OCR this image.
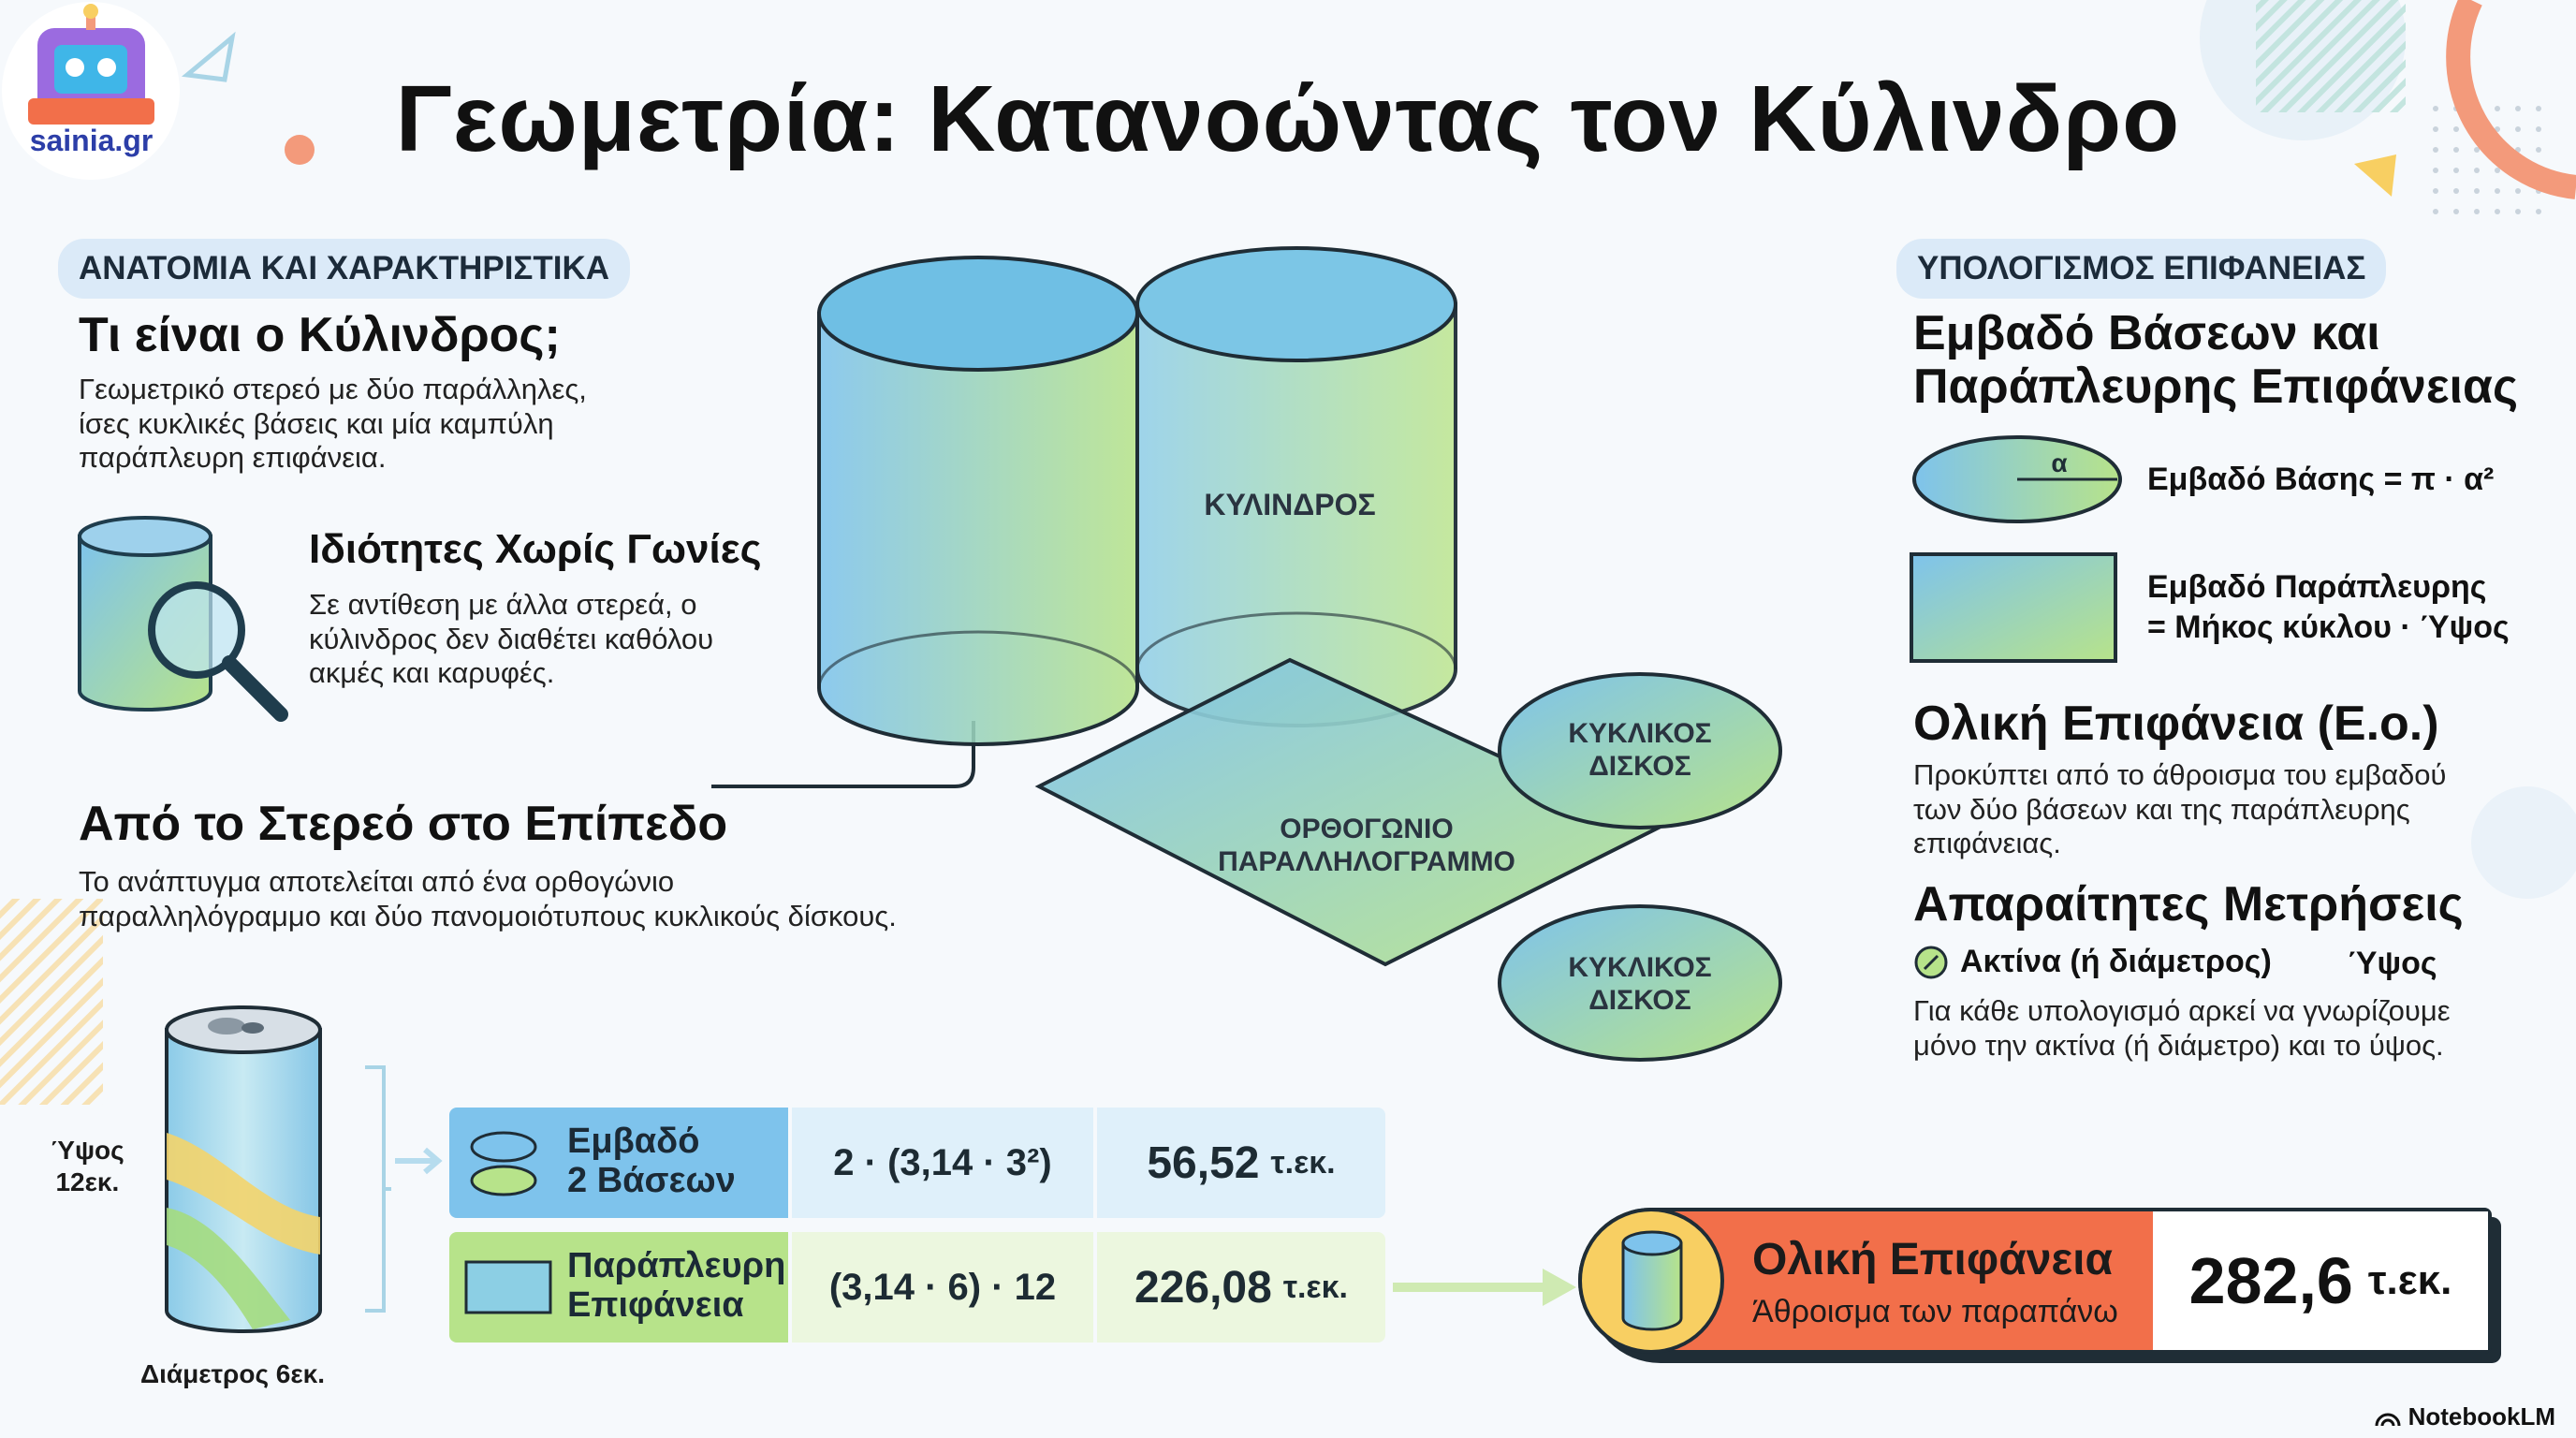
sainia.gr	Γεωμετρία: Κατανοώντας τον Κύλινδρο
ΑΝΑΤΟΜΙΑ ΚΑΙ ΧΑΡΑΚΤΗΡΙΣΤΙΚΑ
Τι είναι ο Κύλινδρος;
Γεωμετρικό στερεό με δύο παράλληλες,
ίσες κυκλικές βάσεις και μία καμπύλη
παράπλευρη επιφάνεια.
Ιδιότητες Χωρίς Γωνίες
Σε αντίθεση με άλλα στερεά, ο
κύλινδρος δεν διαθέτει καθόλου
ακμές και καρυφές.
Από το Στερεό στο Επίπεδο
Το ανάπτυγμα αποτελείται από ένα ορθογώνιο
παραλληλόγραμμο και δύο πανομοιότυπους κυκλικούς δίσκους.
ΚΥΛΙΝΔΡΟΣ
ΟΡΘΟΓΩΝΙΟ
ΠΑΡΑΛΛΗΛΟΓΡΑΜΜΟ
ΚΥΚΛΙΚΟΣ
ΔΙΣΚΟΣ
ΚΥΚΛΙΚΟΣ
ΔΙΣΚΟΣ
ΥΠΟΛΟΓΙΣΜΟΣ ΕΠΙΦΑΝΕΙΑΣ
Εμβαδό Βάσεων και
Παράπλευρης Επιφάνειας
α	Εμβαδό Βάσης = π · α²
Εμβαδό Παράπλευρης
= Μήκος κύκλου · Ύψος
Ολική Επιφάνεια (Ε.ο.)
Προκύπτει από το άθροισμα του εμβαδού
των δύο βάσεων και της παράπλευρης
επιφάνειας.
Απαραίτητες Μετρήσεις
Ακτίνα (ή διάμετρος) Ύψος
Για κάθε υπολογισμό αρκεί να γνωρίζουμε
μόνο την ακτίνα (ή διάμετρο) και το ύψος.
Ύψος
12εκ.
Διάμετρος 6εκ.
Εμβαδό
2 Βάσεων	2 · (3,14 · 3²)	56,52 τ.εκ.
Παράπλευρη
Επιφάνεια	(3,14 · 6) · 12	226,08 τ.εκ.
Ολική Επιφάνεια
Άθροισμα των παραπάνω 282,6 τ.εκ.
NotebookLM
